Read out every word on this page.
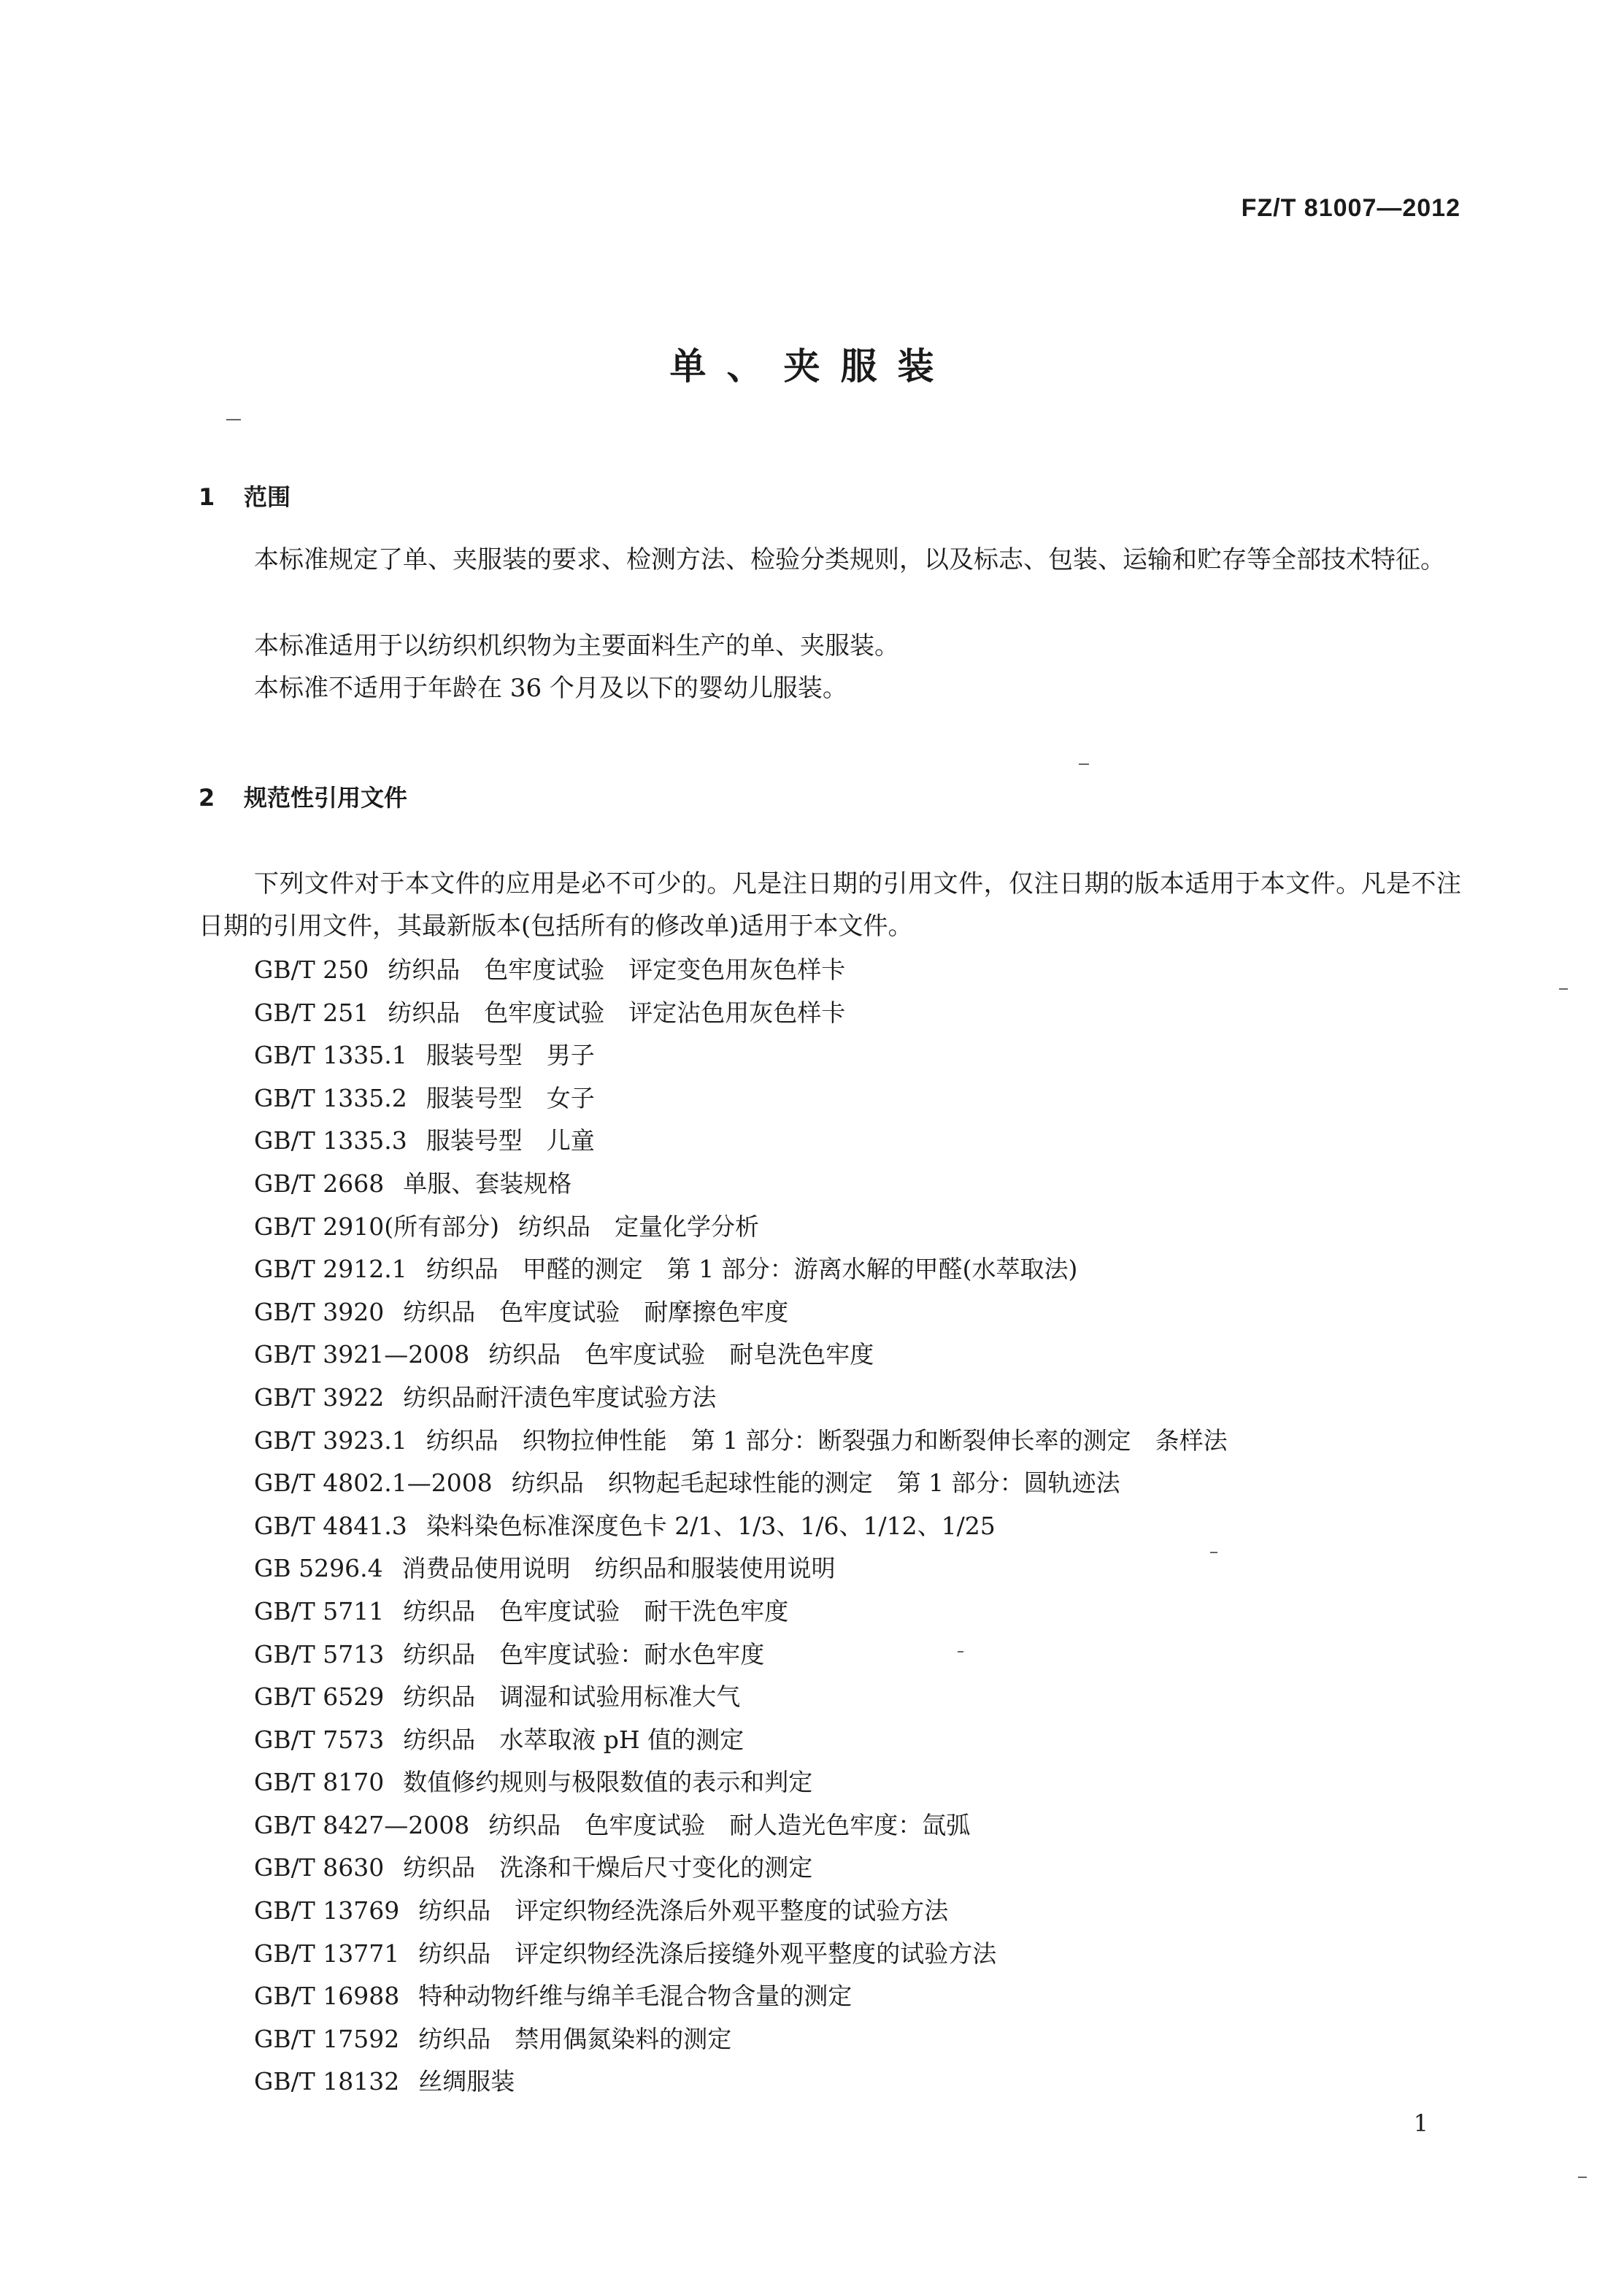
FZ/T 81007—2012
单、夹服装
1 范围

本标准规定了单、夹服装的要求、检测方法、检验分类规则，以及标志、包装、运输和贮存等全部技术特征。

本标准适用于以纺织机织物为主要面料生产的单、夹服装。

本标准不适用于年龄在 36 个月及以下的婴幼儿服装。

2 规范性引用文件

下列文件对于本文件的应用是必不可少的。凡是注日期的引用文件，仅注日期的版本适用于本文件。凡是不注日期的引用文件，其最新版本(包括所有的修改单)适用于本文件。

GB/T 250 纺织品　色牢度试验　评定变色用灰色样卡
GB/T 251 纺织品　色牢度试验　评定沾色用灰色样卡
GB/T 1335.1 服装号型　男子
GB/T 1335.2 服装号型　女子
GB/T 1335.3 服装号型　儿童
GB/T 2668 单服、套装规格
GB/T 2910(所有部分) 纺织品　定量化学分析
GB/T 2912.1 纺织品　甲醛的测定　第 1 部分：游离水解的甲醛(水萃取法)
GB/T 3920 纺织品　色牢度试验　耐摩擦色牢度
GB/T 3921—2008 纺织品　色牢度试验　耐皂洗色牢度
GB/T 3922 纺织品耐汗渍色牢度试验方法
GB/T 3923.1 纺织品　织物拉伸性能　第 1 部分：断裂强力和断裂伸长率的测定　条样法
GB/T 4802.1—2008 纺织品　织物起毛起球性能的测定　第 1 部分：圆轨迹法
GB/T 4841.3 染料染色标准深度色卡 2/1、1/3、1/6、1/12、1/25
GB 5296.4 消费品使用说明　纺织品和服装使用说明
GB/T 5711 纺织品　色牢度试验　耐干洗色牢度
GB/T 5713 纺织品　色牢度试验：耐水色牢度
GB/T 6529 纺织品　调湿和试验用标准大气
GB/T 7573 纺织品　水萃取液 pH 值的测定
GB/T 8170 数值修约规则与极限数值的表示和判定
GB/T 8427—2008 纺织品　色牢度试验　耐人造光色牢度：氙弧
GB/T 8630 纺织品　洗涤和干燥后尺寸变化的测定
GB/T 13769 纺织品　评定织物经洗涤后外观平整度的试验方法
GB/T 13771 纺织品　评定织物经洗涤后接缝外观平整度的试验方法
GB/T 16988 特种动物纤维与绵羊毛混合物含量的测定
GB/T 17592 纺织品　禁用偶氮染料的测定
GB/T 18132 丝绸服装
1
